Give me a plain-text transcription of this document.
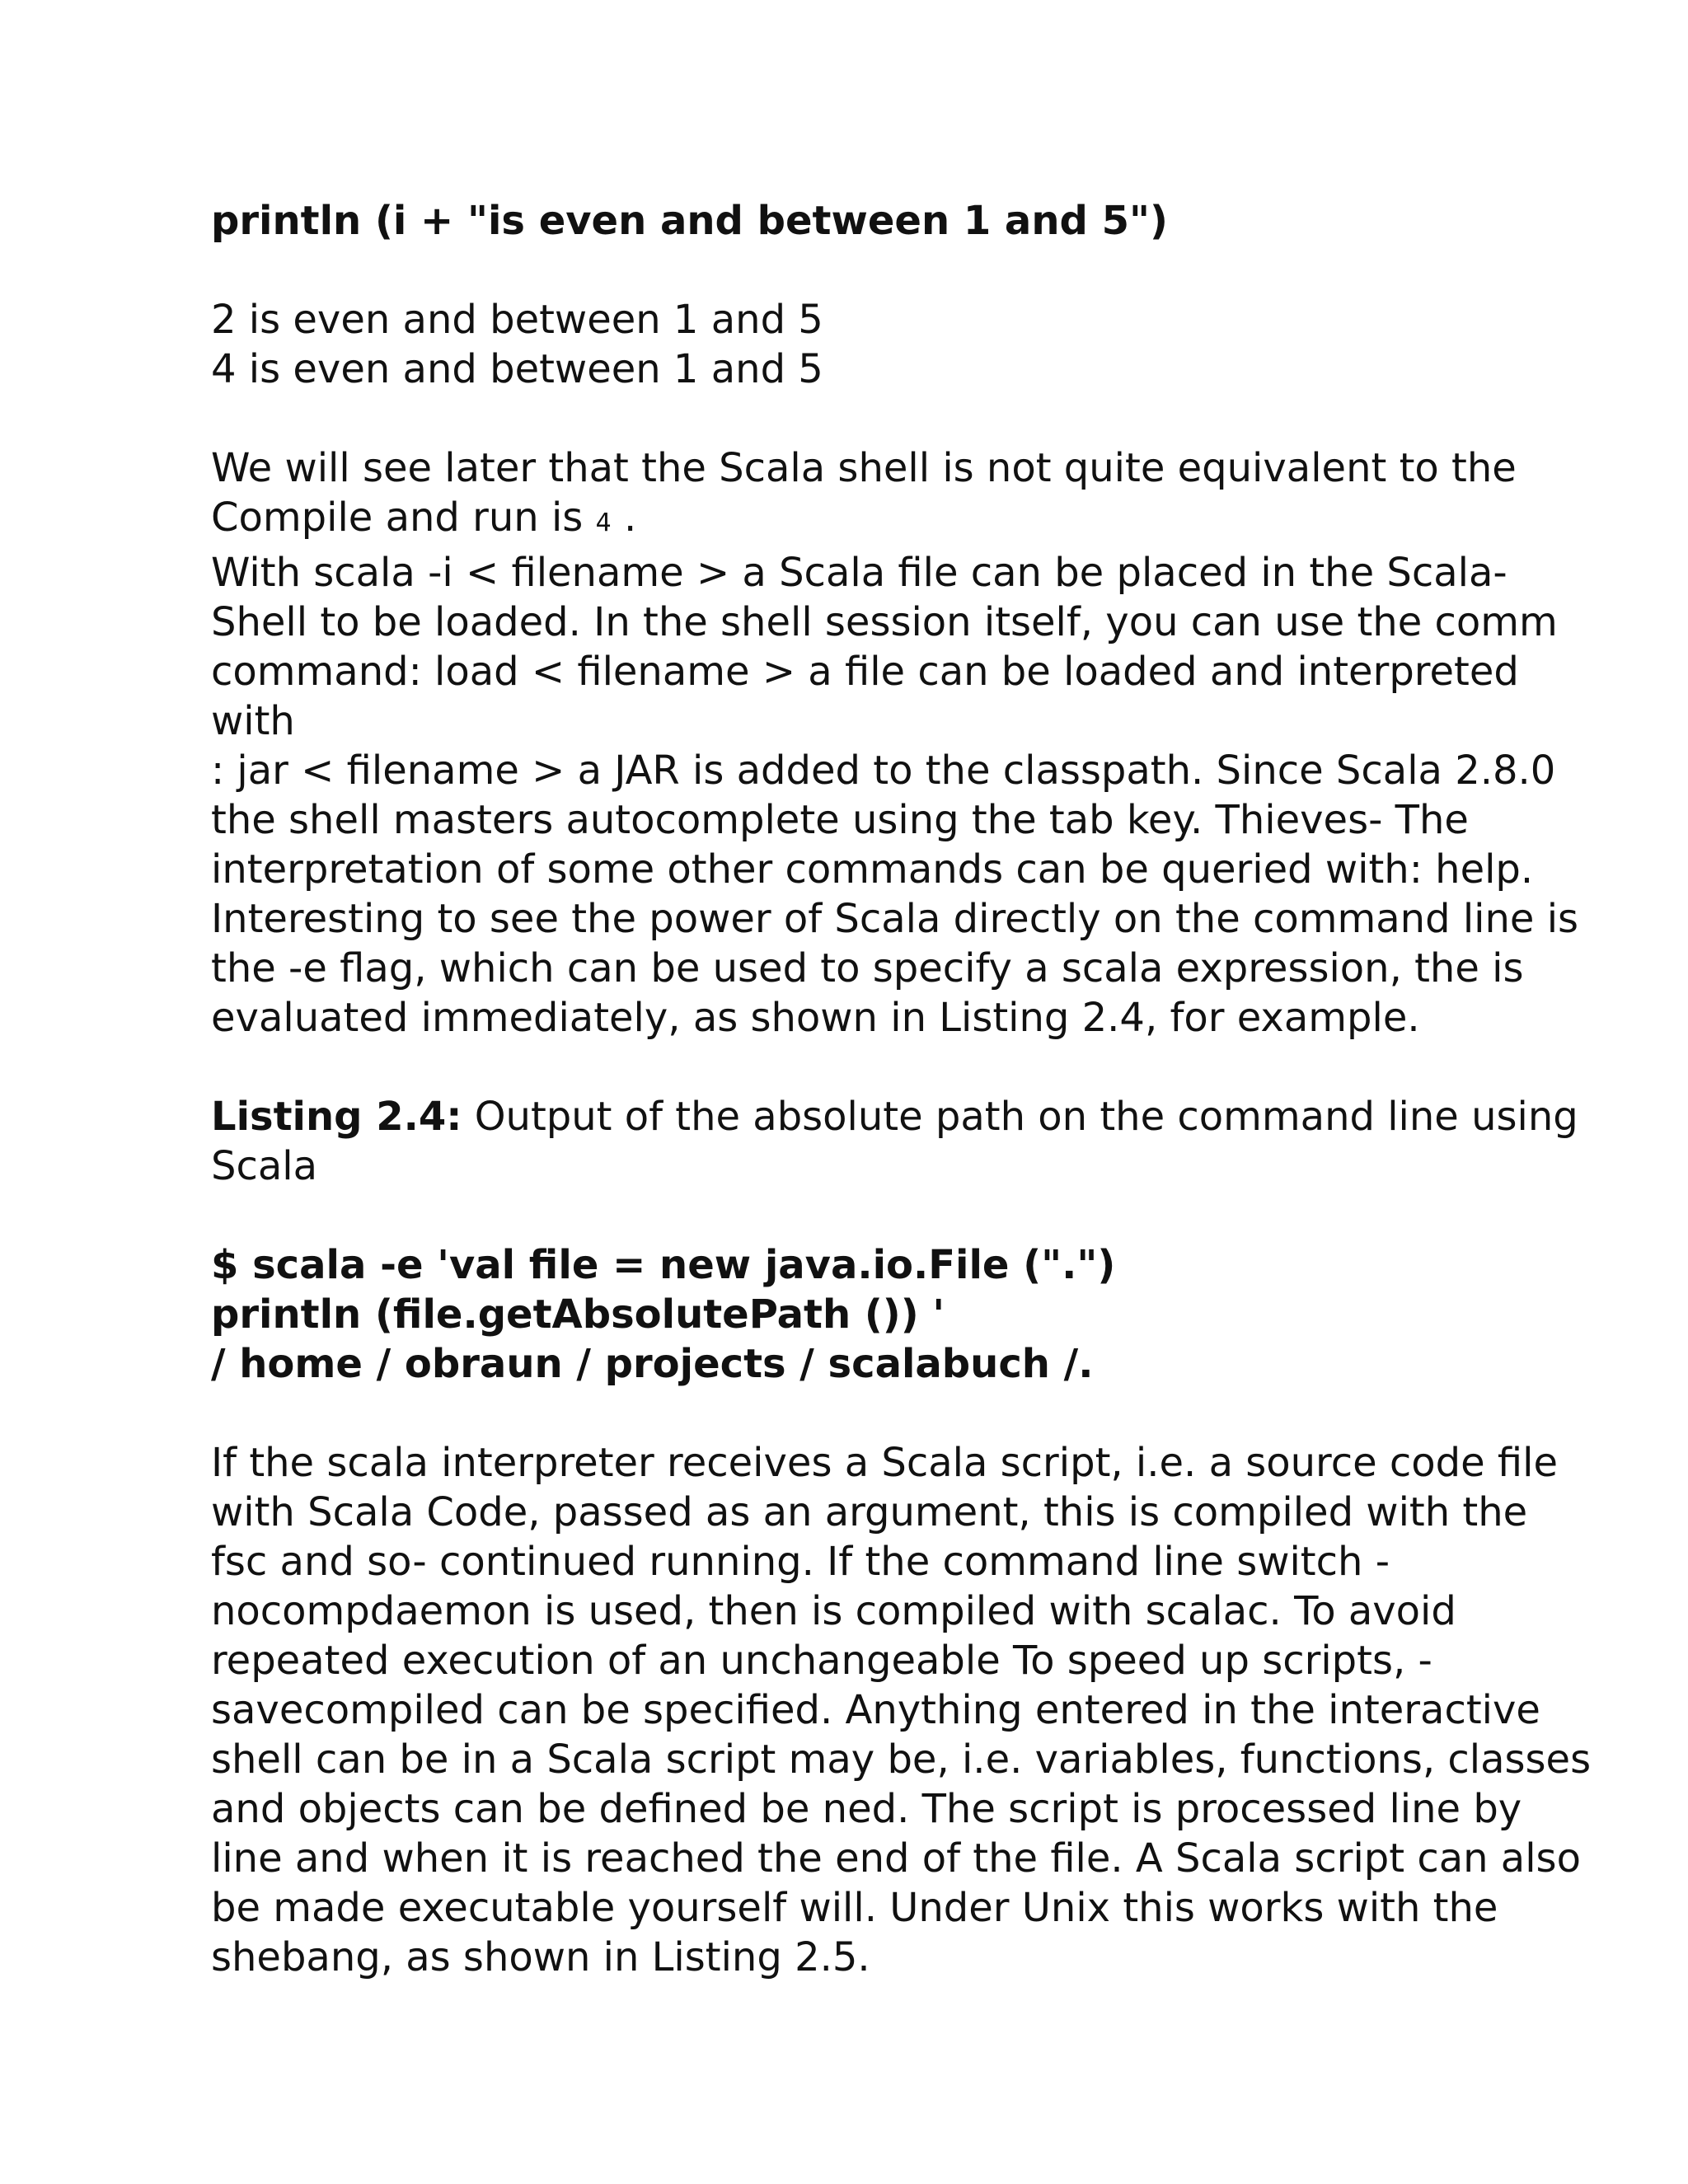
println (i + "is even and between 1 and 5")
2 is even and between 1 and 5
4 is even and between 1 and 5
We will see later that the Scala shell is not quite equivalent to the
Compile and run is 4 .
With scala -i < filename > a Scala file can be placed in the Scala-
Shell to be loaded. In the shell session itself, you can use the comm
command: load < filename > a file can be loaded and interpreted
with
: jar < filename > a JAR is added to the classpath. Since Scala 2.8.0
the shell masters autocomplete using the tab key. Thieves- The
interpretation of some other commands can be queried with: help.
Interesting to see the power of Scala directly on the command line is
the -e flag, which can be used to specify a scala expression, the is
evaluated immediately, as shown in Listing 2.4, for example.
Listing 2.4: Output of the absolute path on the command line using
Scala
$ scala -e 'val file = new java.io.File (".")
println (file.getAbsolutePath ()) '
/ home / obraun / projects / scalabuch /.
If the scala interpreter receives a Scala script, i.e. a source code file
with Scala Code, passed as an argument, this is compiled with the
fsc and so- continued running. If the command line switch -
nocompdaemon is used, then is compiled with scalac. To avoid
repeated execution of an unchangeable To speed up scripts, -
savecompiled can be specified. Anything entered in the interactive
shell can be in a Scala script may be, i.e. variables, functions, classes
and objects can be defined be ned. The script is processed line by
line and when it is reached the end of the file. A Scala script can also
be made executable yourself will. Under Unix this works with the
shebang, as shown in Listing 2.5.
